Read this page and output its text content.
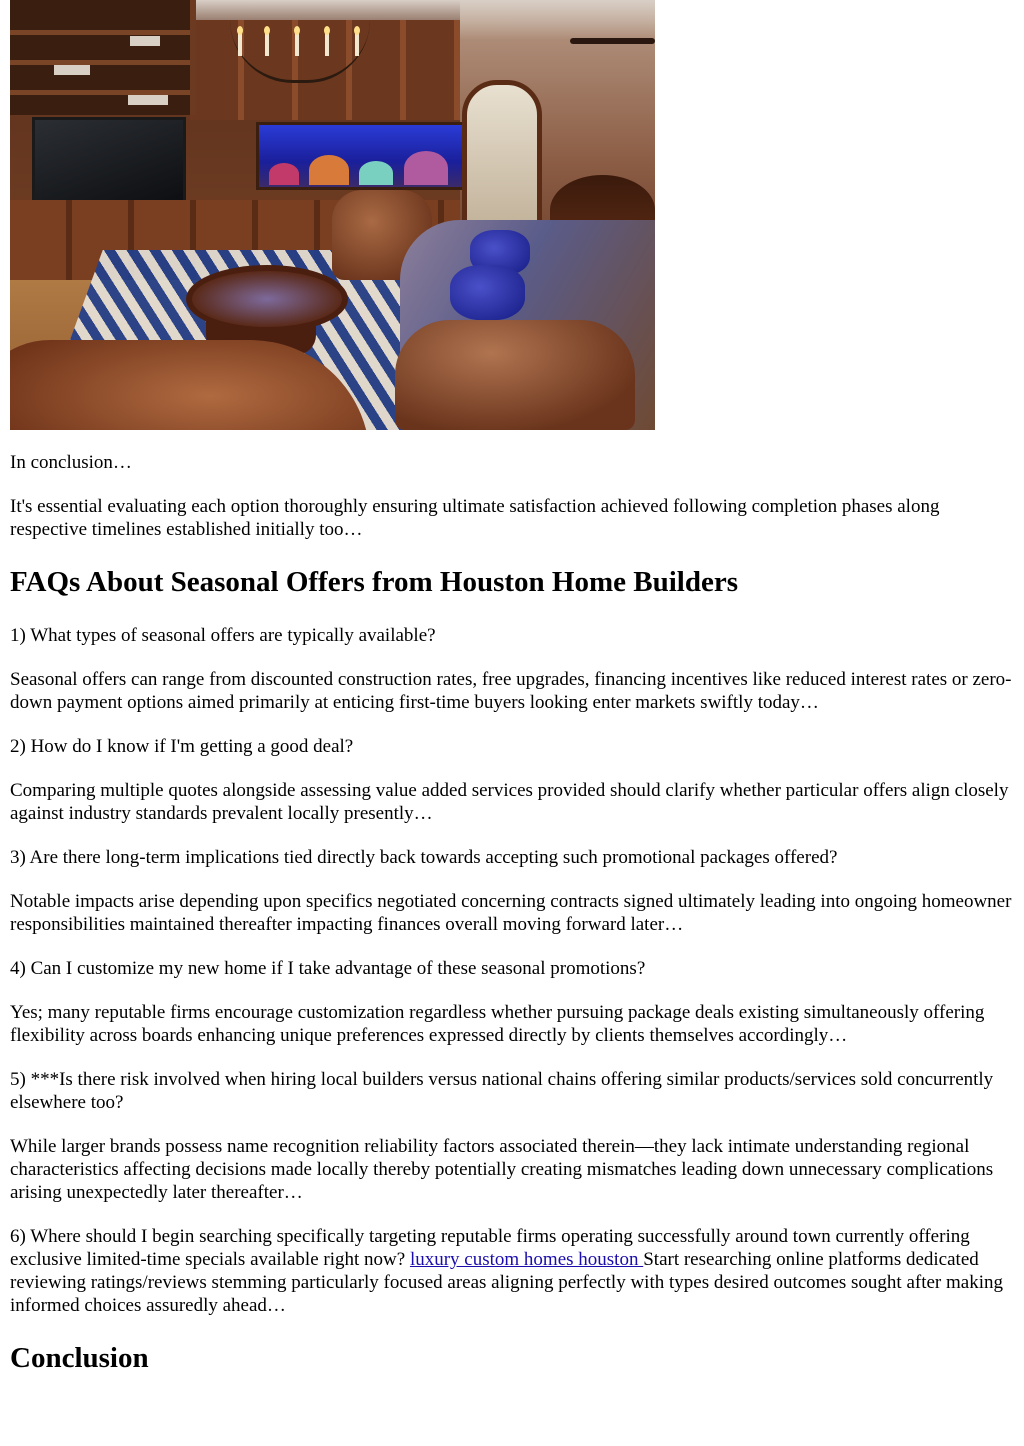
In conclusion…

It's essential evaluating each option thoroughly ensuring ultimate satisfaction achieved following completion phases along respective timelines established initially too…

FAQs About Seasonal Offers from Houston Home Builders

1) What types of seasonal offers are typically available?

Seasonal offers can range from discounted construction rates, free upgrades, financing incentives like reduced interest rates or zero-down payment options aimed primarily at enticing first-time buyers looking enter markets swiftly today…

2) How do I know if I'm getting a good deal?

Comparing multiple quotes alongside assessing value added services provided should clarify whether particular offers align closely against industry standards prevalent locally presently…

3) Are there long-term implications tied directly back towards accepting such promotional packages offered?

Notable impacts arise depending upon specifics negotiated concerning contracts signed ultimately leading into ongoing homeowner responsibilities maintained thereafter impacting finances overall moving forward later…

4) Can I customize my new home if I take advantage of these seasonal promotions?

Yes; many reputable firms encourage customization regardless whether pursuing package deals existing simultaneously offering flexibility across boards enhancing unique preferences expressed directly by clients themselves accordingly…

5) ***Is there risk involved when hiring local builders versus national chains offering similar products/services sold concurrently elsewhere too?

While larger brands possess name recognition reliability factors associated therein—they lack intimate understanding regional characteristics affecting decisions made locally thereby potentially creating mismatches leading down unnecessary complications arising unexpectedly later thereafter…

6) Where should I begin searching specifically targeting reputable firms operating successfully around town currently offering exclusive limited-time specials available right now? luxury custom homes houston Start researching online platforms dedicated reviewing ratings/reviews stemming particularly focused areas aligning perfectly with types desired outcomes sought after making informed choices assuredly ahead…

Conclusion
